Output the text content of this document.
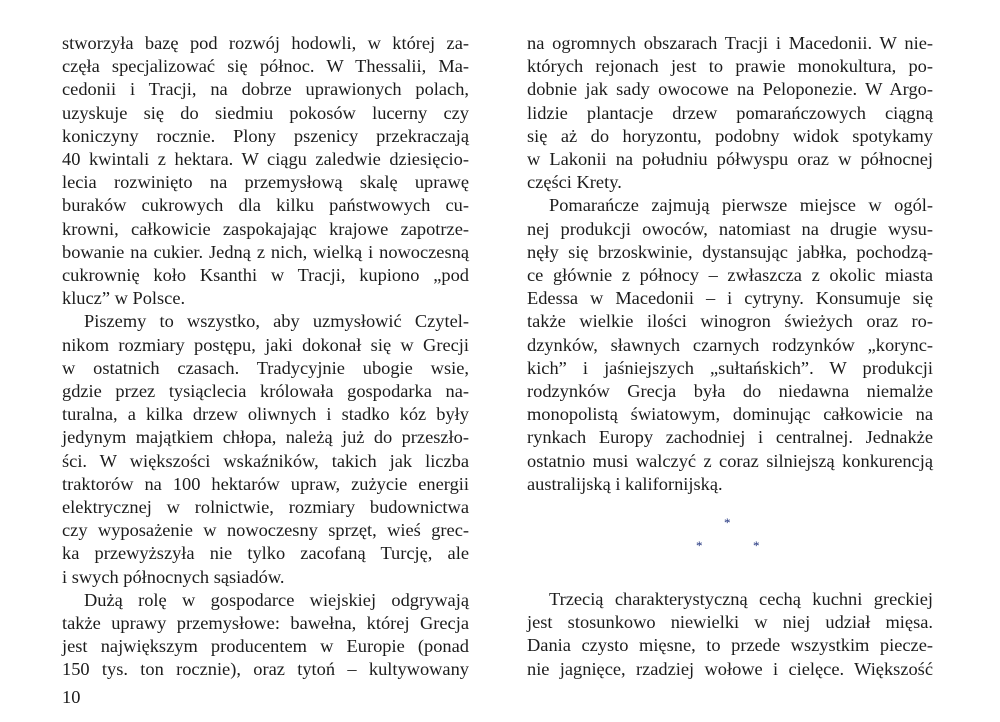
stworzyła bazę pod rozwój hodowli, w której za-
częła specjalizować się północ. W Thessalii, Ma-
cedonii i Tracji, na dobrze uprawionych polach,
uzyskuje się do siedmiu pokosów lucerny czy
koniczyny rocznie. Plony pszenicy przekraczają
40 kwintali z hektara. W ciągu zaledwie dziesięcio-
lecia rozwinięto na przemysłową skalę uprawę
buraków cukrowych dla kilku państwowych cu-
krowni, całkowicie zaspokajając krajowe zapotrze-
bowanie na cukier. Jedną z nich, wielką i nowoczesną
cukrownię koło Ksanthi w Tracji, kupiono „pod
klucz” w Polsce.
Piszemy to wszystko, aby uzmysłowić Czytel-
nikom rozmiary postępu, jaki dokonał się w Grecji
w ostatnich czasach. Tradycyjnie ubogie wsie,
gdzie przez tysiąclecia królowała gospodarka na-
turalna, a kilka drzew oliwnych i stadko kóz były
jedynym majątkiem chłopa, należą już do przeszło-
ści. W większości wskaźników, takich jak liczba
traktorów na 100 hektarów upraw, zużycie energii
elektrycznej w rolnictwie, rozmiary budownictwa
czy wyposażenie w nowoczesny sprzęt, wieś grec-
ka przewyższyła nie tylko zacofaną Turcję, ale
i swych północnych sąsiadów.
Dużą rolę w gospodarce wiejskiej odgrywają
także uprawy przemysłowe: bawełna, której Grecja
jest największym producentem w Europie (ponad
150 tys. ton rocznie), oraz tytoń – kultywowany
na ogromnych obszarach Tracji i Macedonii. W nie-
których rejonach jest to prawie monokultura, po-
dobnie jak sady owocowe na Peloponezie. W Argo-
lidzie plantacje drzew pomarańczowych ciągną
się aż do horyzontu, podobny widok spotykamy
w Lakonii na południu półwyspu oraz w północnej
części Krety.
Pomarańcze zajmują pierwsze miejsce w ogól-
nej produkcji owoców, natomiast na drugie wysu-
nęły się brzoskwinie, dystansując jabłka, pochodzą-
ce głównie z północy – zwłaszcza z okolic miasta
Edessa w Macedonii – i cytryny. Konsumuje się
także wielkie ilości winogron świeżych oraz ro-
dzynków, sławnych czarnych rodzynków „korync-
kich” i jaśniejszych „sułtańskich”. W produkcji
rodzynków Grecja była do niedawna niemalże
monopolistą światowym, dominując całkowicie na
rynkach Europy zachodniej i centralnej. Jednakże
ostatnio musi walczyć z coraz silniejszą konkurencją
australijską i kalifornijską.
*
*	*
Trzecią charakterystyczną cechą kuchni greckiej
jest stosunkowo niewielki w niej udział mięsa.
Dania czysto mięsne, to przede wszystkim piecze-
nie jagnięce, rzadziej wołowe i cielęce. Większość
10
